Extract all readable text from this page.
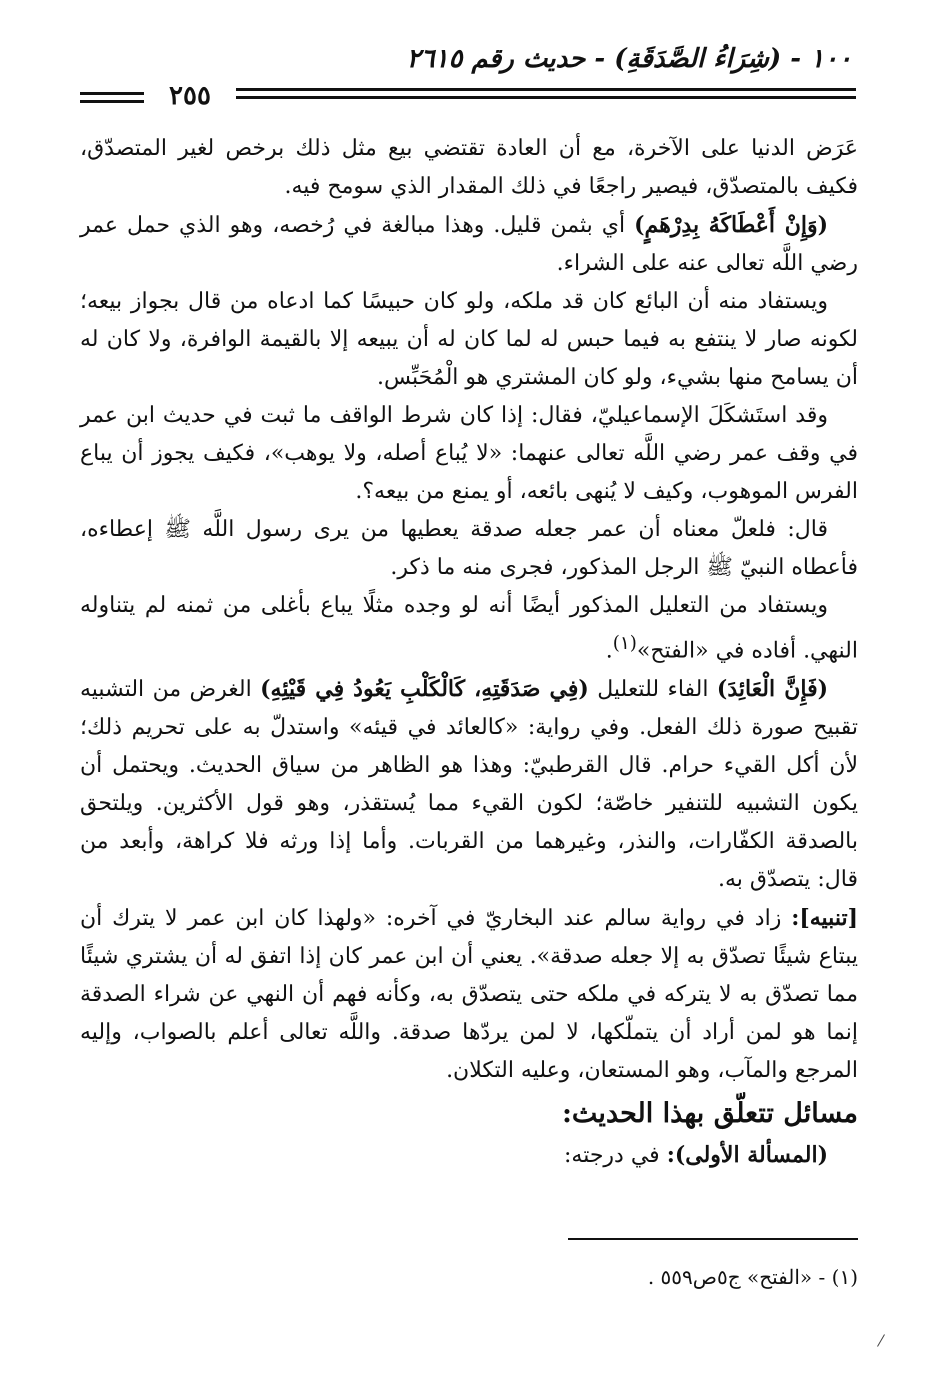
١٠٠ - (شِرَاءُ الصَّدَقَةِ) - حديث رقم ٢٦١٥
٢٥٥

عَرَض الدنيا على الآخرة، مع أن العادة تقتضي بيع مثل ذلك برخص لغير المتصدّق، فكيف بالمتصدّق، فيصير راجعًا في ذلك المقدار الذي سومح فيه.

(وَإِنْ أَعْطَاكَهُ بِدِرْهَمٍ) أي بثمن قليل. وهذا مبالغة في رُخصه، وهو الذي حمل عمر رضي اللَّه تعالى عنه على الشراء.

ويستفاد منه أن البائع كان قد ملكه، ولو كان حبيسًا كما ادعاه من قال بجواز بيعه؛ لكونه صار لا ينتفع به فيما حبس له لما كان له أن يبيعه إلا بالقيمة الوافرة، ولا كان له أن يسامح منها بشيء، ولو كان المشتري هو الْمُحَبِّس.

وقد استَشكَلَ الإسماعيليّ، فقال: إذا كان شرط الواقف ما ثبت في حديث ابن عمر في وقف عمر رضي اللَّه تعالى عنهما: «لا يُباع أصله، ولا يوهب»، فكيف يجوز أن يباع الفرس الموهوب، وكيف لا يُنهى بائعه، أو يمنع من بيعه؟.

قال: فلعلّ معناه أن عمر جعله صدقة يعطيها من يرى رسول اللَّه ﷺ إعطاءه، فأعطاه النبيّ ﷺ الرجل المذكور، فجرى منه ما ذكر.

ويستفاد من التعليل المذكور أيضًا أنه لو وجده مثلًا يباع بأغلى من ثمنه لم يتناوله النهي. أفاده في «الفتح»$^{(١)}$.

(فَإِنَّ الْعَائِدَ) الفاء للتعليل (فِي صَدَقَتِهِ، كَالْكَلْبِ يَعُودُ فِي قَيْئِهِ) الغرض من التشبيه تقبيح صورة ذلك الفعل. وفي رواية: «كالعائد في قيئه» واستدلّ به على تحريم ذلك؛ لأن أكل القيء حرام. قال القرطبيّ: وهذا هو الظاهر من سياق الحديث. ويحتمل أن يكون التشبيه للتنفير خاصّة؛ لكون القيء مما يُستقذر، وهو قول الأكثرين. ويلتحق بالصدقة الكفّارات، والنذر، وغيرهما من القربات. وأما إذا ورثه فلا كراهة، وأبعد من قال: يتصدّق به.

[تنبيه]: زاد في رواية سالم عند البخاريّ في آخره: «ولهذا كان ابن عمر لا يترك أن يبتاع شيئًا تصدّق به إلا جعله صدقة». يعني أن ابن عمر كان إذا اتفق له أن يشتري شيئًا مما تصدّق به لا يتركه في ملكه حتى يتصدّق به، وكأنه فهم أن النهي عن شراء الصدقة إنما هو لمن أراد أن يتملّكها، لا لمن يردّها صدقة. واللَّه تعالى أعلم بالصواب، وإليه المرجع والمآب، وهو المستعان، وعليه التكلان.

مسائل تتعلّق بهذا الحديث:

(المسألة الأولى): في درجته:

(١) - «الفتح» ج٥ص٥٥٩ .
